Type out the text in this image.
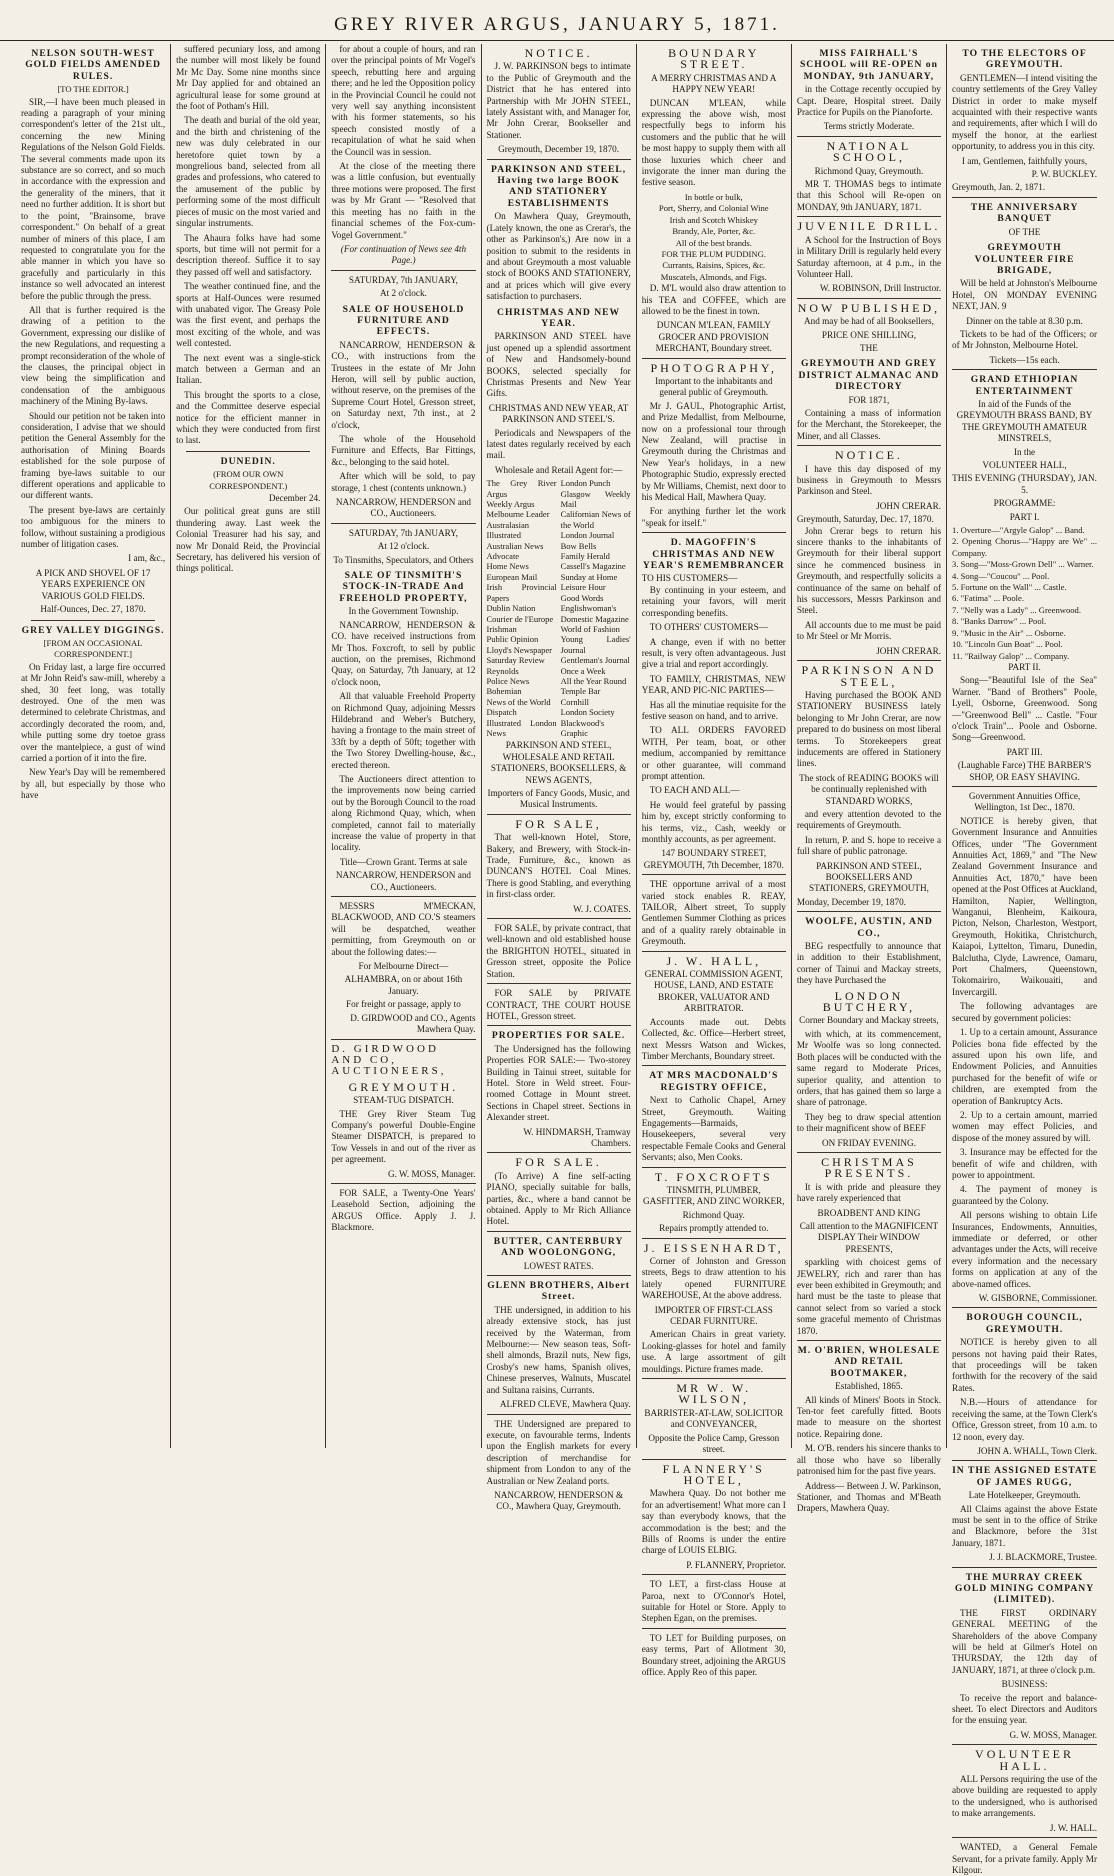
GREY RIVER ARGUS, JANUARY 5, 1871.
NELSON SOUTH-WEST GOLD FIELDS AMENDED RULES.
[TO THE EDITOR.]

SIR,—I have been much pleased in reading a paragraph of your mining correspondent's letter of the 21st ult., concerning the new Mining Regulations of the Nelson Gold Fields. The several comments made upon its substance are so correct, and so much in accordance with the expression and the generality of the miners, that it need no further addition. It is short but to the point, "Brainsome, brave correspondent." On behalf of a great number of miners of this place, I am requested to congratulate you for the able manner in which you have so gracefully and particularly in this instance so well advocated an interest before the public through the press.

All that is further required is the drawing of a petition to the Government, expressing our dislike of the new Regulations, and requesting a prompt reconsideration of the whole of the clauses, the principal object in view being the simplification and condensation of the ambiguous machinery of the Mining By-laws.

Should our petition not be taken into consideration, I advise that we should petition the General Assembly for the authorisation of Mining Boards established for the sole purpose of framing bye-laws suitable to our different operations and applicable to our different wants.

The present bye-laws are certainly too ambiguous for the miners to follow, without sustaining a prodigious number of litigation cases.

I am, &c.,
A PICK AND SHOVEL OF 17 YEARS EXPERIENCE ON VARIOUS GOLD FIELDS.
Half-Ounces, Dec. 27, 1870.
GREY VALLEY DIGGINGS.
[FROM AN OCCASIONAL CORRESPONDENT.]

On Friday last, a large fire occurred at Mr John Reid's saw-mill, whereby a shed, 30 feet long, was totally destroyed. One of the men was determined to celebrate Christmas, and accordingly decorated the room, and, while putting some dry toetoe grass over the mantelpiece, a gust of wind carried a portion of it into the fire.

New Year's Day will be remembered by all, but especially by those who have

suffered pecuniary loss, and among the number will most likely be found Mr Mc Day. Some nine months since Mr Day applied for and obtained an agricultural lease for some ground at the foot of Potham's Hill.

The death and burial of the old year, and the birth and christening of the new was duly celebrated in our heretofore quiet town by a mongrelious band, selected from all grades and professions, who catered to the amusement of the public by performing some of the most difficult pieces of music on the most varied and singular instruments.

The Ahaura folks have had some sports, but time will not permit for a description thereof. Suffice it to say they passed off well and satisfactory.

The weather continued fine, and the sports at Half-Ounces were resumed with unabated vigor. The Greasy Pole was the first event, and perhaps the most exciting of the whole, and was well contested.

The next event was a single-stick match between a German and an Italian.

This brought the sports to a close, and the Committee deserve especial notice for the efficient manner in which they were conducted from first to last.

DUNEDIN.
(FROM OUR OWN CORRESPONDENT.)
December 24.

Our political great guns are still thundering away. Last week the Colonial Treasurer had his say, and now Mr Donald Reid, the Provincial Secretary, has delivered his version of things political.

for about a couple of hours, and ran over the principal points of Mr Vogel's speech, rebutting here and arguing there; and he led the Opposition policy in the Provincial Council he could not very well say anything inconsistent with his former statements, so his speech consisted mostly of a recapitulation of what he said when the Council was in session.

At the close of the meeting there was a little confusion, but eventually three motions were proposed. The first was by Mr Grant — "Resolved that this meeting has no faith in the financial schemes of the Fox-cum-Vogel Government."

(For continuation of News see 4th Page.)
SATURDAY, 7th JANUARY,
At 2 o'clock.
SALE OF HOUSEHOLD FURNITURE AND EFFECTS.

NANCARROW, HENDERSON & CO., with instructions from the Trustees in the estate of Mr John Heron, will sell by public auction, without reserve, on the premises of the Supreme Court Hotel, Gresson street, on Saturday next, 7th inst., at 2 o'clock,

The whole of the Household Furniture and Effects, Bar Fittings, &c., belonging to the said hotel.

After which will be sold, to pay storage, 1 chest (contents unknown.)

NANCARROW, HENDERSON and CO., Auctioneers.
SATURDAY, 7th JANUARY,
At 12 o'clock.
To Tinsmiths, Speculators, and Others
SALE OF TINSMITH'S STOCK-IN-TRADE And FREEHOLD PROPERTY,
In the Government Township.

NANCARROW, HENDERSON & CO. have received instructions from Mr Thos. Foxcroft, to sell by public auction, on the premises, Richmond Quay, on Saturday, 7th January, at 12 o'clock noon,

All that valuable Freehold Property on Richmond Quay, adjoining Messrs Hildebrand and Weber's Butchery, having a frontage to the main street of 33ft by a depth of 50ft; together with the Two Storey Dwelling-house, &c., erected thereon.

The Auctioneers direct attention to the improvements now being carried out by the Borough Council to the road along Richmond Quay, which, when completed, cannot fail to materially increase the value of property in that locality.

Title—Crown Grant. Terms at sale
NANCARROW, HENDERSON and CO., Auctioneers.

MESSRS M'MECKAN, BLACKWOOD, AND CO.'S steamers will be despatched, weather permitting, from Greymouth on or about the following dates:—

For Melbourne Direct—
ALHAMBRA, on or about 16th January.
For freight or passage, apply to
D. GIRDWOOD and CO., Agents Mawhera Quay.
D. GIRDWOOD AND CO, AUCTIONEERS,
GREYMOUTH.
STEAM-TUG DISPATCH.

THE Grey River Steam Tug Company's powerful Double-Engine Steamer DISPATCH, is prepared to Tow Vessels in and out of the river as per agreement.

G. W. MOSS, Manager.

FOR SALE, a Twenty-One Years' Leasehold Section, adjoining the ARGUS Office. Apply J. J. Blackmore.

NOTICE.

J. W. PARKINSON begs to intimate to the Public of Greymouth and the District that he has entered into Partnership with Mr JOHN STEEL, lately Assistant with, and Manager for, Mr John Crerar, Bookseller and Stationer.

Greymouth, December 19, 1870.
PARKINSON AND STEEL, Having two large BOOK AND STATIONERY ESTABLISHMENTS

On Mawhera Quay, Greymouth, (Lately known, the one as Crerar's, the other as Parkinson's,) Are now in a position to submit to the residents in and about Greymouth a most valuable stock of BOOKS AND STATIONERY, and at prices which will give every satisfaction to purchasers.

CHRISTMAS AND NEW YEAR.

PARKINSON AND STEEL have just opened up a splendid assortment of New and Handsomely-bound BOOKS, selected specially for Christmas Presents and New Year Gifts.

CHRISTMAS AND NEW YEAR, AT PARKINSON AND STEEL'S.

Periodicals and Newspapers of the latest dates regularly received by each mail.

Wholesale and Retail Agent for:—
The Grey River Argus
Weekly Argus
Melbourne Leader
Australasian
Illustrated Australian News
Advocate
Home News
European Mail
Irish Provincial Papers
Dublin Nation
Courier de l'Europe
Irishman
Public Opinion
Lloyd's Newspaper
Saturday Review
Reynolds
Police News
Bohemian
News of the World
Dispatch
Illustrated London News
London Punch
Glasgow Weekly Mail
Californian News of the World
London Journal
Bow Bells
Family Herald
Cassell's Magazine
Sunday at Home
Leisure Hour
Good Words
Englishwoman's Domestic Magazine
World of Fashion
Young Ladies' Journal
Gentleman's Journal
Once a Week
All the Year Round
Temple Bar
Cornhill
London Society
Blackwood's
Graphic
PARKINSON AND STEEL, WHOLESALE AND RETAIL STATIONERS, BOOKSELLERS, & NEWS AGENTS,
Importers of Fancy Goods, Music, and Musical Instruments.
FOR SALE,

That well-known Hotel, Store, Bakery, and Brewery, with Stock-in-Trade, Furniture, &c., known as DUNCAN'S HOTEL Coal Mines. There is good Stabling, and everything in first-class order.

W. J. COATES.

FOR SALE, by private contract, that well-known and old established house the BRIGHTON HOTEL, situated in Gresson street, opposite the Police Station.

FOR SALE by PRIVATE CONTRACT, THE COURT HOUSE HOTEL, Gresson street.

PROPERTIES FOR SALE.

The Undersigned has the following Properties FOR SALE:— Two-storey Building in Tainui street, suitable for Hotel. Store in Weld street. Four-roomed Cottage in Mount street. Sections in Chapel street. Sections in Alexander street.

W. HINDMARSH, Tramway Chambers.
FOR SALE.

(To Arrive) A fine self-acting PIANO, specially suitable for balls, parties, &c., where a band cannot be obtained. Apply to Mr Rich Alliance Hotel.

BUTTER, CANTERBURY AND WOOLONGONG,
LOWEST RATES.
GLENN BROTHERS, Albert Street.

THE undersigned, in addition to his already extensive stock, has just received by the Waterman, from Melbourne:— New season teas, Soft-shell almonds, Brazil nuts, New figs, Crosby's new hams, Spanish olives, Chinese preserves, Walnuts, Muscatel and Sultana raisins, Currants.

ALFRED CLEVE, Mawhera Quay.

THE Undersigned are prepared to execute, on favourable terms, Indents upon the English markets for every description of merchandise for shipment from London to any of the Australian or New Zealand ports.

NANCARROW, HENDERSON & CO., Mawhera Quay, Greymouth.
BOUNDARY STREET.
A MERRY CHRISTMAS AND A HAPPY NEW YEAR!

DUNCAN M'LEAN, while expressing the above wish, most respectfully begs to inform his customers and the public that he will be most happy to supply them with all those luxuries which cheer and invigorate the inner man during the festive season.

In bottle or bulk,
Port, Sherry, and Colonial Wine
Irish and Scotch Whiskey
Brandy, Ale, Porter, &c.
All of the best brands.
FOR THE PLUM PUDDING.
Currants, Raisins, Spices, &c.
Muscatels, Almonds, and Figs.

D. M'L would also draw attention to his TEA and COFFEE, which are allowed to be the finest in town.

DUNCAN M'LEAN, FAMILY GROCER AND PROVISION MERCHANT, Boundary street.
PHOTOGRAPHY,
Important to the inhabitants and general public of Greymouth.

Mr J. GAUL, Photographic Artist, and Prize Medallist, from Melbourne, now on a professional tour through New Zealand, will practise in Greymouth during the Christmas and New Year's holidays, in a new Photographic Studio, expressly erected by Mr Williams, Chemist, next door to his Medical Hall, Mawhera Quay.

For anything further let the work "speak for itself."

D. MAGOFFIN'S CHRISTMAS AND NEW YEAR'S REMEMBRANCER
TO HIS CUSTOMERS—

By continuing in your esteem, and retaining your favors, will merit corresponding benefits.

TO OTHERS' CUSTOMERS—

A change, even if with no better result, is very often advantageous. Just give a trial and report accordingly.

TO FAMILY, CHRISTMAS, NEW YEAR, AND PIC-NIC PARTIES—

Has all the minutiae requisite for the festive season on hand, and to arrive.

TO ALL ORDERS FAVORED WITH, Per team, boat, or other medium, accompanied by remittance or other guarantee, will command prompt attention.

TO EACH AND ALL—

He would feel grateful by passing him by, except strictly conforming to his terms, viz., Cash, weekly or monthly accounts, as per agreement.

147 BOUNDARY STREET, GREYMOUTH, 7th December, 1870.

THE opportune arrival of a most varied stock enables R. REAY, TAILOR, Albert street, To supply Gentlemen Summer Clothing as prices and of a quality rarely obtainable in Greymouth.

J. W. HALL,
GENERAL COMMISSION AGENT, HOUSE, LAND, AND ESTATE BROKER, VALUATOR AND ARBITRATOR.

Accounts made out. Debts Collected, &c. Office—Herbert street, next Messrs Watson and Wickes, Timber Merchants, Boundary street.

AT MRS MACDONALD'S REGISTRY OFFICE,

Next to Catholic Chapel, Arney Street, Greymouth. Waiting Engagements—Barmaids, Housekeepers, several very respectable Female Cooks and General Servants; also, Men Cooks.

T. FOXCROFTS
TINSMITH, PLUMBER, GASFITTER, AND ZINC WORKER,
Richmond Quay.
Repairs promptly attended to.
J. EISSENHARDT,

Corner of Johnston and Gresson streets, Begs to draw attention to his lately opened FURNITURE WAREHOUSE, At the above address.

IMPORTER OF FIRST-CLASS CEDAR FURNITURE.

American Chairs in great variety. Looking-glasses for hotel and family use. A large assortment of gilt mouldings. Picture frames made.

MR W. W. WILSON,
BARRISTER-AT-LAW, SOLICITOR and CONVEYANCER,
Opposite the Police Camp, Gresson street.
FLANNERY'S HOTEL,

Mawhera Quay. Do not bother me for an advertisement! What more can I say than everybody knows, that the accommodation is the best; and the Bills of Rooms is under the entire charge of LOUIS ELBIG.

P. FLANNERY, Proprietor.

TO LET, a first-class House at Paroa, next to O'Connor's Hotel, suitable for Hotel or Store. Apply to Stephen Egan, on the premises.

TO LET for Building purposes, on easy terms, Part of Allotment 30, Boundary street, adjoining the ARGUS office. Apply Reo of this paper.

MISS FAIRHALL'S SCHOOL will RE-OPEN on MONDAY, 9th JANUARY,

in the Cottage recently occupied by Capt. Deare, Hospital street. Daily Practice for Pupils on the Pianoforte.

Terms strictly Moderate.
NATIONAL SCHOOL,
Richmond Quay, Greymouth.

MR T. THOMAS begs to intimate that this School will Re-open on MONDAY, 9th JANUARY, 1871.

JUVENILE DRILL.

A School for the Instruction of Boys in Military Drill is regularly held every Saturday afternoon, at 4 p.m., in the Volunteer Hall.

W. ROBINSON, Drill Instructor.
NOW PUBLISHED,
And may be had of all Booksellers,
PRICE ONE SHILLING,
THE
GREYMOUTH AND GREY DISTRICT ALMANAC AND DIRECTORY
FOR 1871,

Containing a mass of information for the Merchant, the Storekeeper, the Miner, and all Classes.

NOTICE.

I have this day disposed of my business in Greymouth to Messrs Parkinson and Steel.

JOHN CRERAR.
Greymouth, Saturday, Dec. 17, 1870.

John Crerar begs to return his sincere thanks to the inhabitants of Greymouth for their liberal support since he commenced business in Greymouth, and respectfully solicits a continuance of the same on behalf of his successors, Messrs Parkinson and Steel.

All accounts due to me must be paid to Mr Steel or Mr Morris.

JOHN CRERAR.
PARKINSON AND STEEL,

Having purchased the BOOK AND STATIONERY BUSINESS lately belonging to Mr John Crerar, are now prepared to do business on most liberal terms. To Storekeepers great inducements are offered in Stationery lines.

The stock of READING BOOKS will be continually replenished with STANDARD WORKS,

and every attention devoted to the requirements of Greymouth.

In return, P. and S. hope to receive a full share of public patronage.

PARKINSON AND STEEL, BOOKSELLERS AND STATIONERS, GREYMOUTH,
Monday, December 19, 1870.
WOOLFE, AUSTIN, AND CO.,

BEG respectfully to announce that in addition to their Establishment, corner of Tainui and Mackay streets, they have Purchased the

LONDON BUTCHERY,
Corner Boundary and Mackay streets,

with which, at its commencement, Mr Woolfe was so long connected. Both places will be conducted with the same regard to Moderate Prices, superior quality, and attention to orders, that has gained them so large a share of patronage.

They beg to draw special attention to their magnificent show of BEEF

ON FRIDAY EVENING.
CHRISTMAS PRESENTS.

It is with pride and pleasure they have rarely experienced that

BROADBENT AND KING
Call attention to the MAGNIFICENT DISPLAY Their WINDOW PRESENTS,

sparkling with choicest gems of JEWELRY, rich and rarer than has ever been exhibited in Greymouth; and hard must be the taste to please that cannot select from so varied a stock some graceful memento of Christmas 1870.

M. O'BRIEN, WHOLESALE AND RETAIL BOOTMAKER,
Established, 1865.

All kinds of Miners' Boots in Stock. Ten-tor feet carefully fitted. Boots made to measure on the shortest notice. Repairing done.

M. O'B. renders his sincere thanks to all those who have so liberally patronised him for the past five years.

Address— Between J. W. Parkinson, Stationer, and Thomas and M'Beath Drapers, Mawhera Quay.

TO THE ELECTORS OF GREYMOUTH.

GENTLEMEN—I intend visiting the country settlements of the Grey Valley District in order to make myself acquainted with their respective wants and requirements, after which I will do myself the honor, at the earliest opportunity, to address you in this city.

I am, Gentlemen, faithfully yours,
P. W. BUCKLEY.
Greymouth, Jan. 2, 1871.
THE ANNIVERSARY BANQUET
OF THE
GREYMOUTH VOLUNTEER FIRE BRIGADE,

Will be held at Johnston's Melbourne Hotel, ON MONDAY EVENING NEXT, JAN. 9

Dinner on the table at 8.30 p.m.

Tickets to be had of the Officers; or of Mr Johnston, Melbourne Hotel.

Tickets—15s each.
GRAND ETHIOPIAN ENTERTAINMENT
In aid of the Funds of the GREYMOUTH BRASS BAND, BY THE GREYMOUTH AMATEUR MINSTRELS,
In the
VOLUNTEER HALL,
THIS EVENING (THURSDAY), JAN. 5.
PROGRAMME:
PART I.
1. Overture—"Argyle Galop" ... Band.
2. Opening Chorus—"Happy are We" ... Company.
3. Song—"Moss-Grown Dell" ... Warner.
4. Song—"Coucou" ... Pool.
5. Fortune on the Wall" ... Castle.
6. "Fatima" ... Poole.
7. "Nelly was a Lady" ... Greenwood.
8. "Banks Darrow" ... Pool.
9. "Music in the Air" ... Osborne.
10. "Lincoln Gun Boat" ... Pool.
11. "Railway Galop" ... Company.
PART II.

Song—"Beautiful Isle of the Sea" Warner. "Band of Brothers" Poole, Lyell, Osborne, Greenwood. Song—"Greenwood Bell" ... Castle. "Four o'clock Train"... Poole and Osborne. Song—Greenwood.

PART III.
(Laughable Farce) THE BARBER'S SHOP, OR EASY SHAVING.
Government Annuities Office, Wellington, 1st Dec., 1870.

NOTICE is hereby given, that Government Insurance and Annuities Offices, under "The Government Annuities Act, 1869," and "The New Zealand Government Insurance and Annuities Act, 1870," have been opened at the Post Offices at Auckland, Hamilton, Napier, Wellington, Wanganui, Blenheim, Kaikoura, Picton, Nelson, Charleston, Westport, Greymouth, Hokitika, Christchurch, Kaiapoi, Lyttelton, Timaru, Dunedin, Balclutha, Clyde, Lawrence, Oamaru, Port Chalmers, Queenstown, Tokomairiro, Waikouaiti, and Invercargill.

The following advantages are secured by government policies:

1. Up to a certain amount, Assurance Policies bona fide effected by the assured upon his own life, and Endowment Policies, and Annuities purchased for the benefit of wife or children, are exempted from the operation of Bankruptcy Acts.

2. Up to a certain amount, married women may effect Policies, and dispose of the money assured by will.

3. Insurance may be effected for the benefit of wife and children, with power to appointment.

4. The payment of money is guaranteed by the Colony.

All persons wishing to obtain Life Insurances, Endowments, Annuities, immediate or deferred, or other advantages under the Acts, will receive every information and the necessary forms on application at any of the above-named offices.

W. GISBORNE, Commissioner.
BOROUGH COUNCIL, GREYMOUTH.

NOTICE is hereby given to all persons not having paid their Rates, that proceedings will be taken forthwith for the recovery of the said Rates.

N.B.—Hours of attendance for receiving the same, at the Town Clerk's Office, Gresson street, from 10 a.m. to 12 noon, every day.

JOHN A. WHALL, Town Clerk.
IN THE ASSIGNED ESTATE OF JAMES RUGG,
Late Hotelkeeper, Greymouth.

All Claims against the above Estate must be sent in to the office of Strike and Blackmore, before the 31st January, 1871.

J. J. BLACKMORE, Trustee.
THE MURRAY CREEK GOLD MINING COMPANY (LIMITED).

THE FIRST ORDINARY GENERAL MEETING of the Shareholders of the above Company will be held at Gilmer's Hotel on THURSDAY, the 12th day of JANUARY, 1871, at three o'clock p.m.

BUSINESS:

To receive the report and balance-sheet. To elect Directors and Auditors for the ensuing year.

G. W. MOSS, Manager.
VOLUNTEER HALL.

ALL Persons requiring the use of the above building are requested to apply to the undersigned, who is authorised to make arrangements.

J. W. HALL.

WANTED, a General Female Servant, for a private family. Apply Mr Kilgour.
